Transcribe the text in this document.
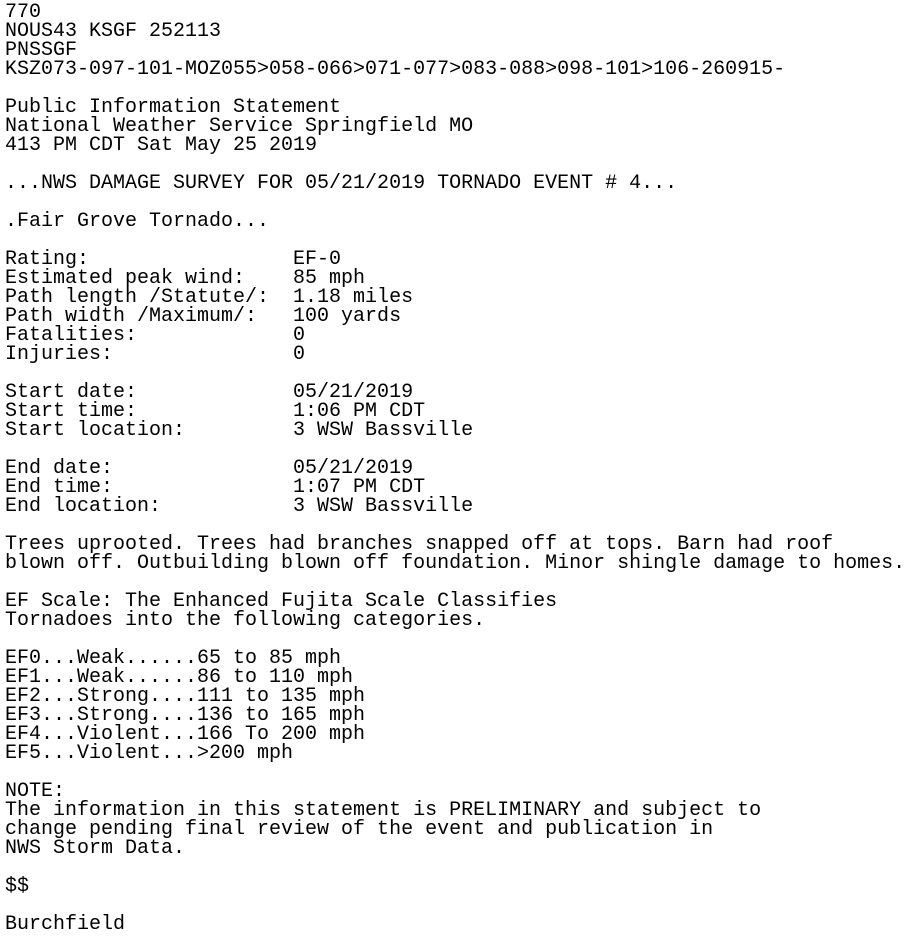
770
NOUS43 KSGF 252113
PNSSGF
KSZ073-097-101-MOZ055>058-066>071-077>083-088>098-101>106-260915-
Public Information Statement
National Weather Service Springfield MO
413 PM CDT Sat May 25 2019
...NWS DAMAGE SURVEY FOR 05/21/2019 TORNADO EVENT # 4...
.Fair Grove Tornado...
Rating:                 EF-0
Estimated peak wind:    85 mph
Path length /Statute/:  1.18 miles
Path width /Maximum/:   100 yards
Fatalities:             0
Injuries:               0
Start date:             05/21/2019
Start time:             1:06 PM CDT
Start location:         3 WSW Bassville
End date:               05/21/2019
End time:               1:07 PM CDT
End location:           3 WSW Bassville
Trees uprooted. Trees had branches snapped off at tops. Barn had roof
blown off. Outbuilding blown off foundation. Minor shingle damage to homes.
EF Scale: The Enhanced Fujita Scale Classifies
Tornadoes into the following categories.
EF0...Weak......65 to 85 mph
EF1...Weak......86 to 110 mph
EF2...Strong....111 to 135 mph
EF3...Strong....136 to 165 mph
EF4...Violent...166 To 200 mph
EF5...Violent...>200 mph
NOTE:
The information in this statement is PRELIMINARY and subject to
change pending final review of the event and publication in
NWS Storm Data.
$$
Burchfield
